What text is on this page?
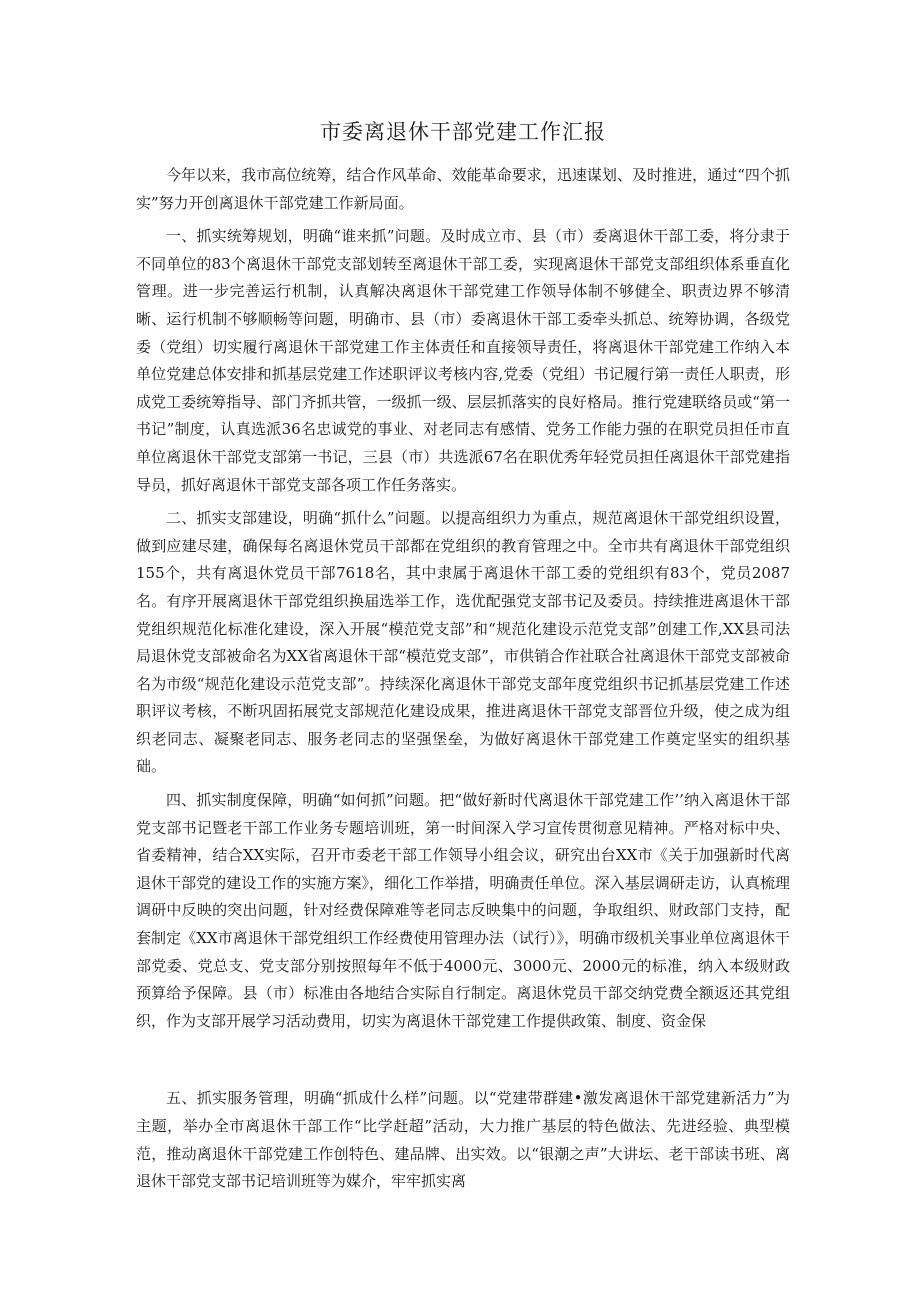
市委离退休干部党建工作汇报

今年以来，我市高位统筹，结合作风革命、效能革命要求，迅速谋划、及时推进，通过“四个抓实”努力开创离退休干部党建工作新局面。

一、抓实统筹规划，明确“谁来抓”问题。及时成立市、县（市）委离退休干部工委，将分隶于不同单位的83个离退休干部党支部划转至离退休干部工委，实现离退休干部党支部组织体系垂直化管理。进一步完善运行机制，认真解决离退休干部党建工作领导体制不够健全、职责边界不够清晰、运行机制不够顺畅等问题，明确市、县（市）委离退休干部工委牵头抓总、统筹协调，各级党委（党组）切实履行离退休干部党建工作主体责任和直接领导责任，将离退休干部党建工作纳入本单位党建总体安排和抓基层党建工作述职评议考核内容,党委（党组）书记履行第一责任人职责，形成党工委统筹指导、部门齐抓共管，一级抓一级、层层抓落实的良好格局。推行党建联络员或“第一书记”制度，认真选派36名忠诚党的事业、对老同志有感情、党务工作能力强的在职党员担任市直单位离退休干部党支部第一书记，三县（市）共选派67名在职优秀年轻党员担任离退休干部党建指导员，抓好离退休干部党支部各项工作任务落实。

二、抓实支部建设，明确“抓什么”问题。以提高组织力为重点，规范离退休干部党组织设置，做到应建尽建，确保每名离退休党员干部都在党组织的教育管理之中。全市共有离退休干部党组织155个，共有离退休党员干部7618名，其中隶属于离退休干部工委的党组织有83个，党员2087名。有序开展离退休干部党组织换届选举工作，选优配强党支部书记及委员。持续推进离退休干部党组织规范化标准化建设，深入开展“模范党支部”和“规范化建设示范党支部”创建工作,XX县司法局退休党支部被命名为XX省离退休干部“模范党支部”，市供销合作社联合社离退休干部党支部被命名为市级“规范化建设示范党支部”。持续深化离退休干部党支部年度党组织书记抓基层党建工作述职评议考核，不断巩固拓展党支部规范化建设成果，推进离退休干部党支部晋位升级，使之成为组织老同志、凝聚老同志、服务老同志的坚强堡垒，为做好离退休干部党建工作奠定坚实的组织基础。

四、抓实制度保障，明确“如何抓”问题。把“做好新时代离退休干部党建工作’’纳入离退休干部党支部书记暨老干部工作业务专题培训班，第一时间深入学习宣传贯彻意见精神。严格对标中央、省委精神，结合XX实际，召开市委老干部工作领导小组会议，研究出台XX市《关于加强新时代离退休干部党的建设工作的实施方案》，细化工作举措，明确责任单位。深入基层调研走访，认真梳理调研中反映的突出问题，针对经费保障难等老同志反映集中的问题，争取组织、财政部门支持，配套制定《XX市离退休干部党组织工作经费使用管理办法（试行）》，明确市级机关事业单位离退休干部党委、党总支、党支部分别按照每年不低于4000元、3000元、2000元的标准，纳入本级财政预算给予保障。县（市）标准由各地结合实际自行制定。离退休党员干部交纳党费全额返还其党组织，作为支部开展学习活动费用，切实为离退休干部党建工作提供政策、制度、资金保

五、抓实服务管理，明确“抓成什么样”问题。以“党建带群建•激发离退休干部党建新活力”为主题，举办全市离退休干部工作“比学赶超”活动，大力推广基层的特色做法、先进经验、典型模范，推动离退休干部党建工作创特色、建品牌、出实效。以“银潮之声”大讲坛、老干部读书班、离退休干部党支部书记培训班等为媒介，牢牢抓实离
